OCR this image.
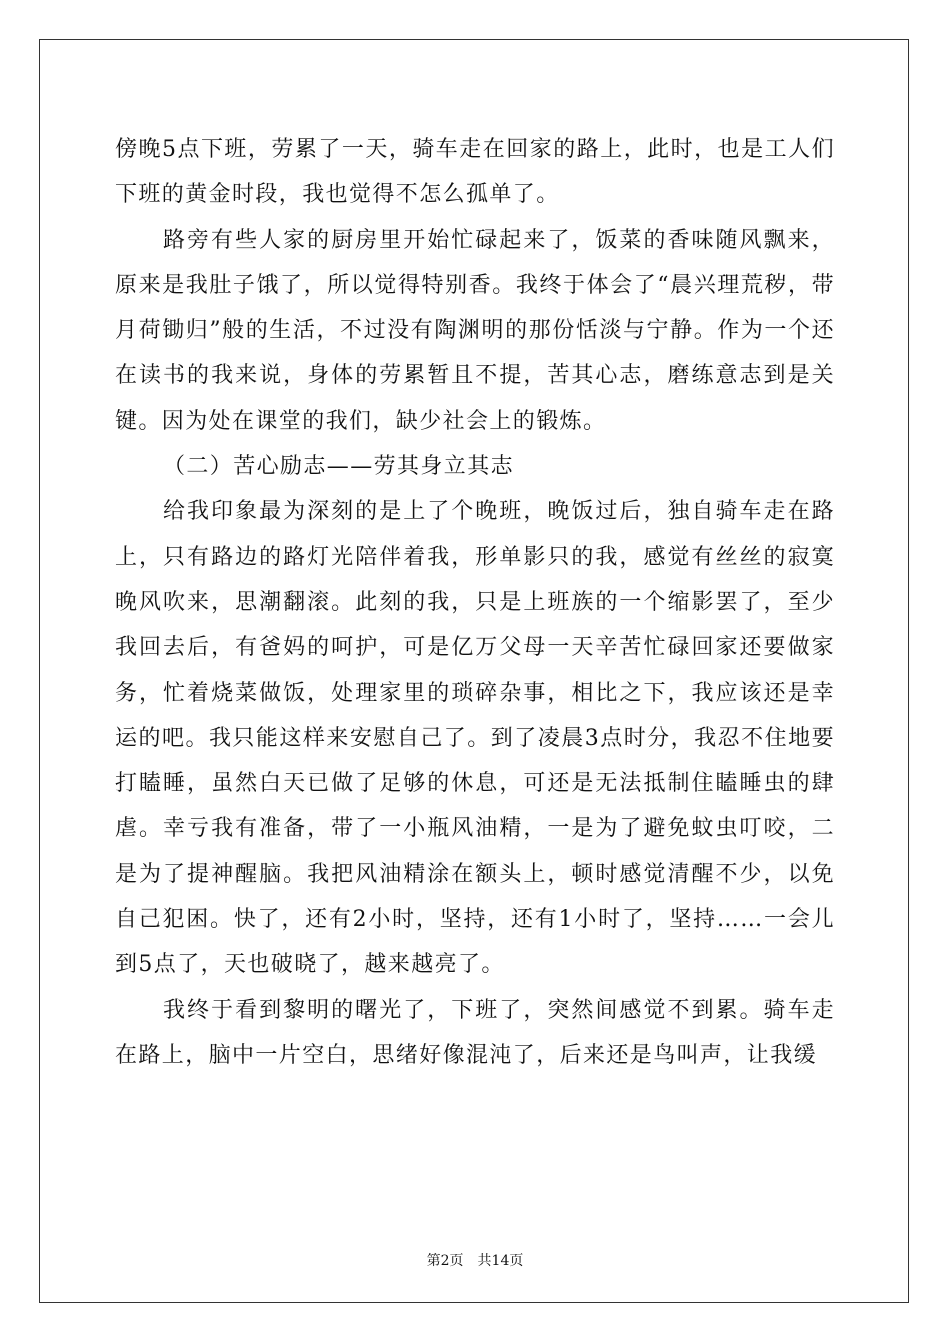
傍晚5点下班，劳累了一天，骑车走在回家的路上，此时，也是工人们下班的黄金时段，我也觉得不怎么孤单了。

路旁有些人家的厨房里开始忙碌起来了，饭菜的香味随风飘来，原来是我肚子饿了，所以觉得特别香。我终于体会了“晨兴理荒秽，带月荷锄归”般的生活，不过没有陶渊明的那份恬淡与宁静。作为一个还在读书的我来说，身体的劳累暂且不提，苦其心志，磨练意志到是关键。因为处在课堂的我们，缺少社会上的锻炼。

（二）苦心励志——劳其身立其志

给我印象最为深刻的是上了个晚班，晚饭过后，独自骑车走在路上，只有路边的路灯光陪伴着我，形单影只的我，感觉有丝丝的寂寞晚风吹来，思潮翻滚。此刻的我，只是上班族的一个缩影罢了，至少我回去后，有爸妈的呵护，可是亿万父母一天辛苦忙碌回家还要做家务，忙着烧菜做饭，处理家里的琐碎杂事，相比之下，我应该还是幸运的吧。我只能这样来安慰自己了。到了凌晨3点时分，我忍不住地要打瞌睡，虽然白天已做了足够的休息，可还是无法抵制住瞌睡虫的肆虐。幸亏我有准备，带了一小瓶风油精，一是为了避免蚊虫叮咬，二是为了提神醒脑。我把风油精涂在额头上，顿时感觉清醒不少，以免自己犯困。快了，还有2小时，坚持，还有1小时了，坚持……一会儿到5点了，天也破晓了，越来越亮了。

我终于看到黎明的曙光了，下班了，突然间感觉不到累。骑车走在路上，脑中一片空白，思绪好像混沌了，后来还是鸟叫声，让我缓

第2页　共14页
